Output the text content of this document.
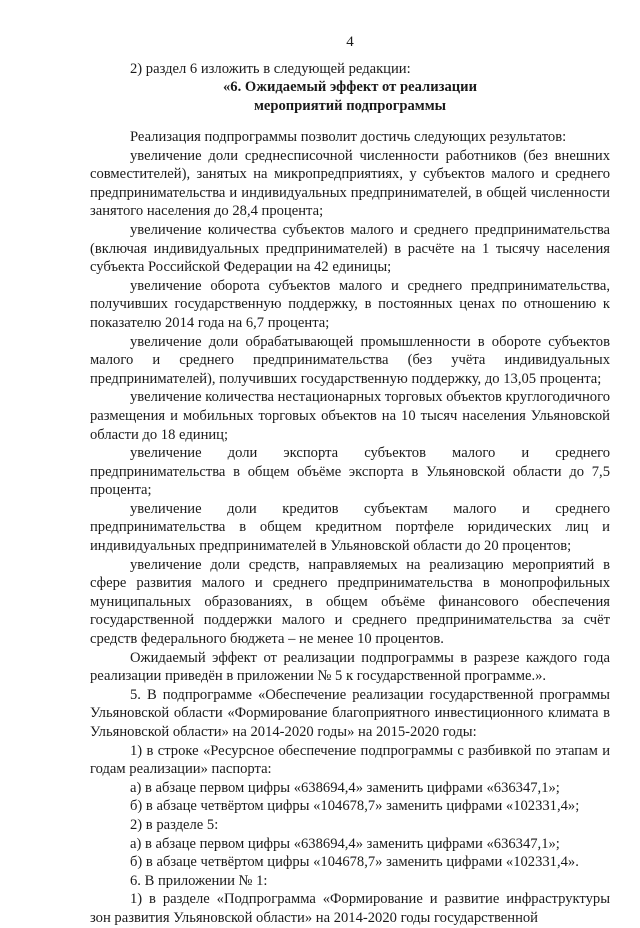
4
2) раздел 6 изложить в следующей редакции:
«6. Ожидаемый эффект от реализации
мероприятий подпрограммы

Реализация подпрограммы позволит достичь следующих результатов:

увеличение доли среднесписочной численности работников (без внешних совместителей), занятых на микропредприятиях, у субъектов малого и среднего предпринимательства и индивидуальных предпринимателей, в общей численности занятого населения до 28,4 процента;

увеличение количества субъектов малого и среднего предпринимательства (включая индивидуальных предпринимателей) в расчёте на 1 тысячу населения субъекта Российской Федерации на 42 единицы;

увеличение оборота субъектов малого и среднего предпринимательства, получивших государственную поддержку, в постоянных ценах по отношению к показателю 2014 года на 6,7 процента;

увеличение доли обрабатывающей промышленности в обороте субъектов малого и среднего предпринимательства (без учёта индивидуальных предпринимателей), получивших государственную поддержку, до 13,05 процента;

увеличение количества нестационарных торговых объектов круглогодичного размещения и мобильных торговых объектов на 10 тысяч населения Ульяновской области до 18 единиц;

увеличение доли экспорта субъектов малого и среднего предпринимательства в общем объёме экспорта в Ульяновской области до 7,5 процента;

увеличение доли кредитов субъектам малого и среднего предпринимательства в общем кредитном портфеле юридических лиц и индивидуальных предпринимателей в Ульяновской области до 20 процентов;

увеличение доли средств, направляемых на реализацию мероприятий в сфере развития малого и среднего предпринимательства в монопрофильных муниципальных образованиях, в общем объёме финансового обеспечения государственной поддержки малого и среднего предпринимательства за счёт средств федерального бюджета – не менее 10 процентов.

Ожидаемый эффект от реализации подпрограммы в разрезе каждого года реализации приведён в приложении № 5 к государственной программе.».

5. В подпрограмме «Обеспечение реализации государственной программы Ульяновской области «Формирование благоприятного инвестиционного климата в Ульяновской области» на 2014-2020 годы» на 2015-2020 годы:

1) в строке «Ресурсное обеспечение подпрограммы с разбивкой по этапам и годам реализации» паспорта:

а) в абзаце первом цифры «638694,4» заменить цифрами «636347,1»;

б) в абзаце четвёртом цифры «104678,7» заменить цифрами «102331,4»;

2) в разделе 5:

а) в абзаце первом цифры «638694,4» заменить цифрами «636347,1»;

б) в абзаце четвёртом цифры «104678,7» заменить цифрами «102331,4».

6. В приложении № 1:

1) в разделе «Подпрограмма «Формирование и развитие инфраструктуры зон развития Ульяновской области» на 2014-2020 годы государственной
